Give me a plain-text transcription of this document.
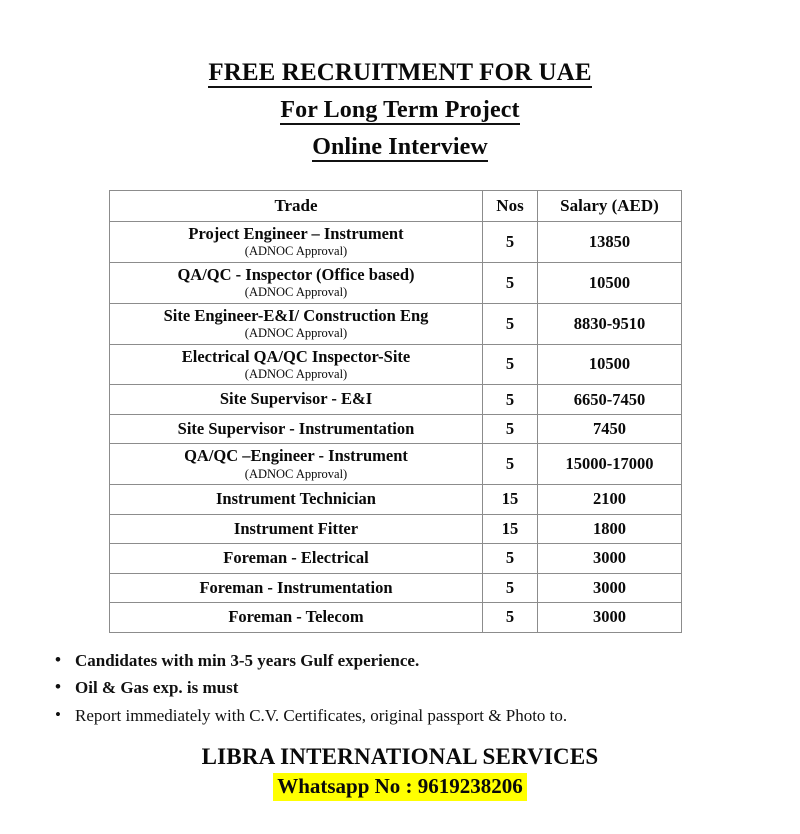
FREE RECRUITMENT FOR UAE
For Long Term Project
Online Interview
Trade	Nos	Salary (AED)
Project Engineer – Instrument
(ADNOC Approval)	5	13850
QA/QC - Inspector (Office based)
(ADNOC Approval)	5	10500
Site Engineer-E&I/ Construction Eng
(ADNOC Approval)	5	8830-9510
Electrical QA/QC Inspector-Site
(ADNOC Approval)	5	10500
Site Supervisor - E&I	5	6650-7450
Site Supervisor - Instrumentation	5	7450
QA/QC –Engineer - Instrument
(ADNOC Approval)	5	15000-17000
Instrument Technician	15	2100
Instrument Fitter	15	1800
Foreman - Electrical	5	3000
Foreman - Instrumentation	5	3000
Foreman - Telecom	5	3000
• Candidates with min 3-5 years Gulf experience.
• Oil & Gas exp. is must
• Report immediately with C.V. Certificates, original passport & Photo to.
LIBRA INTERNATIONAL SERVICES
Whatsapp No : 9619238206
